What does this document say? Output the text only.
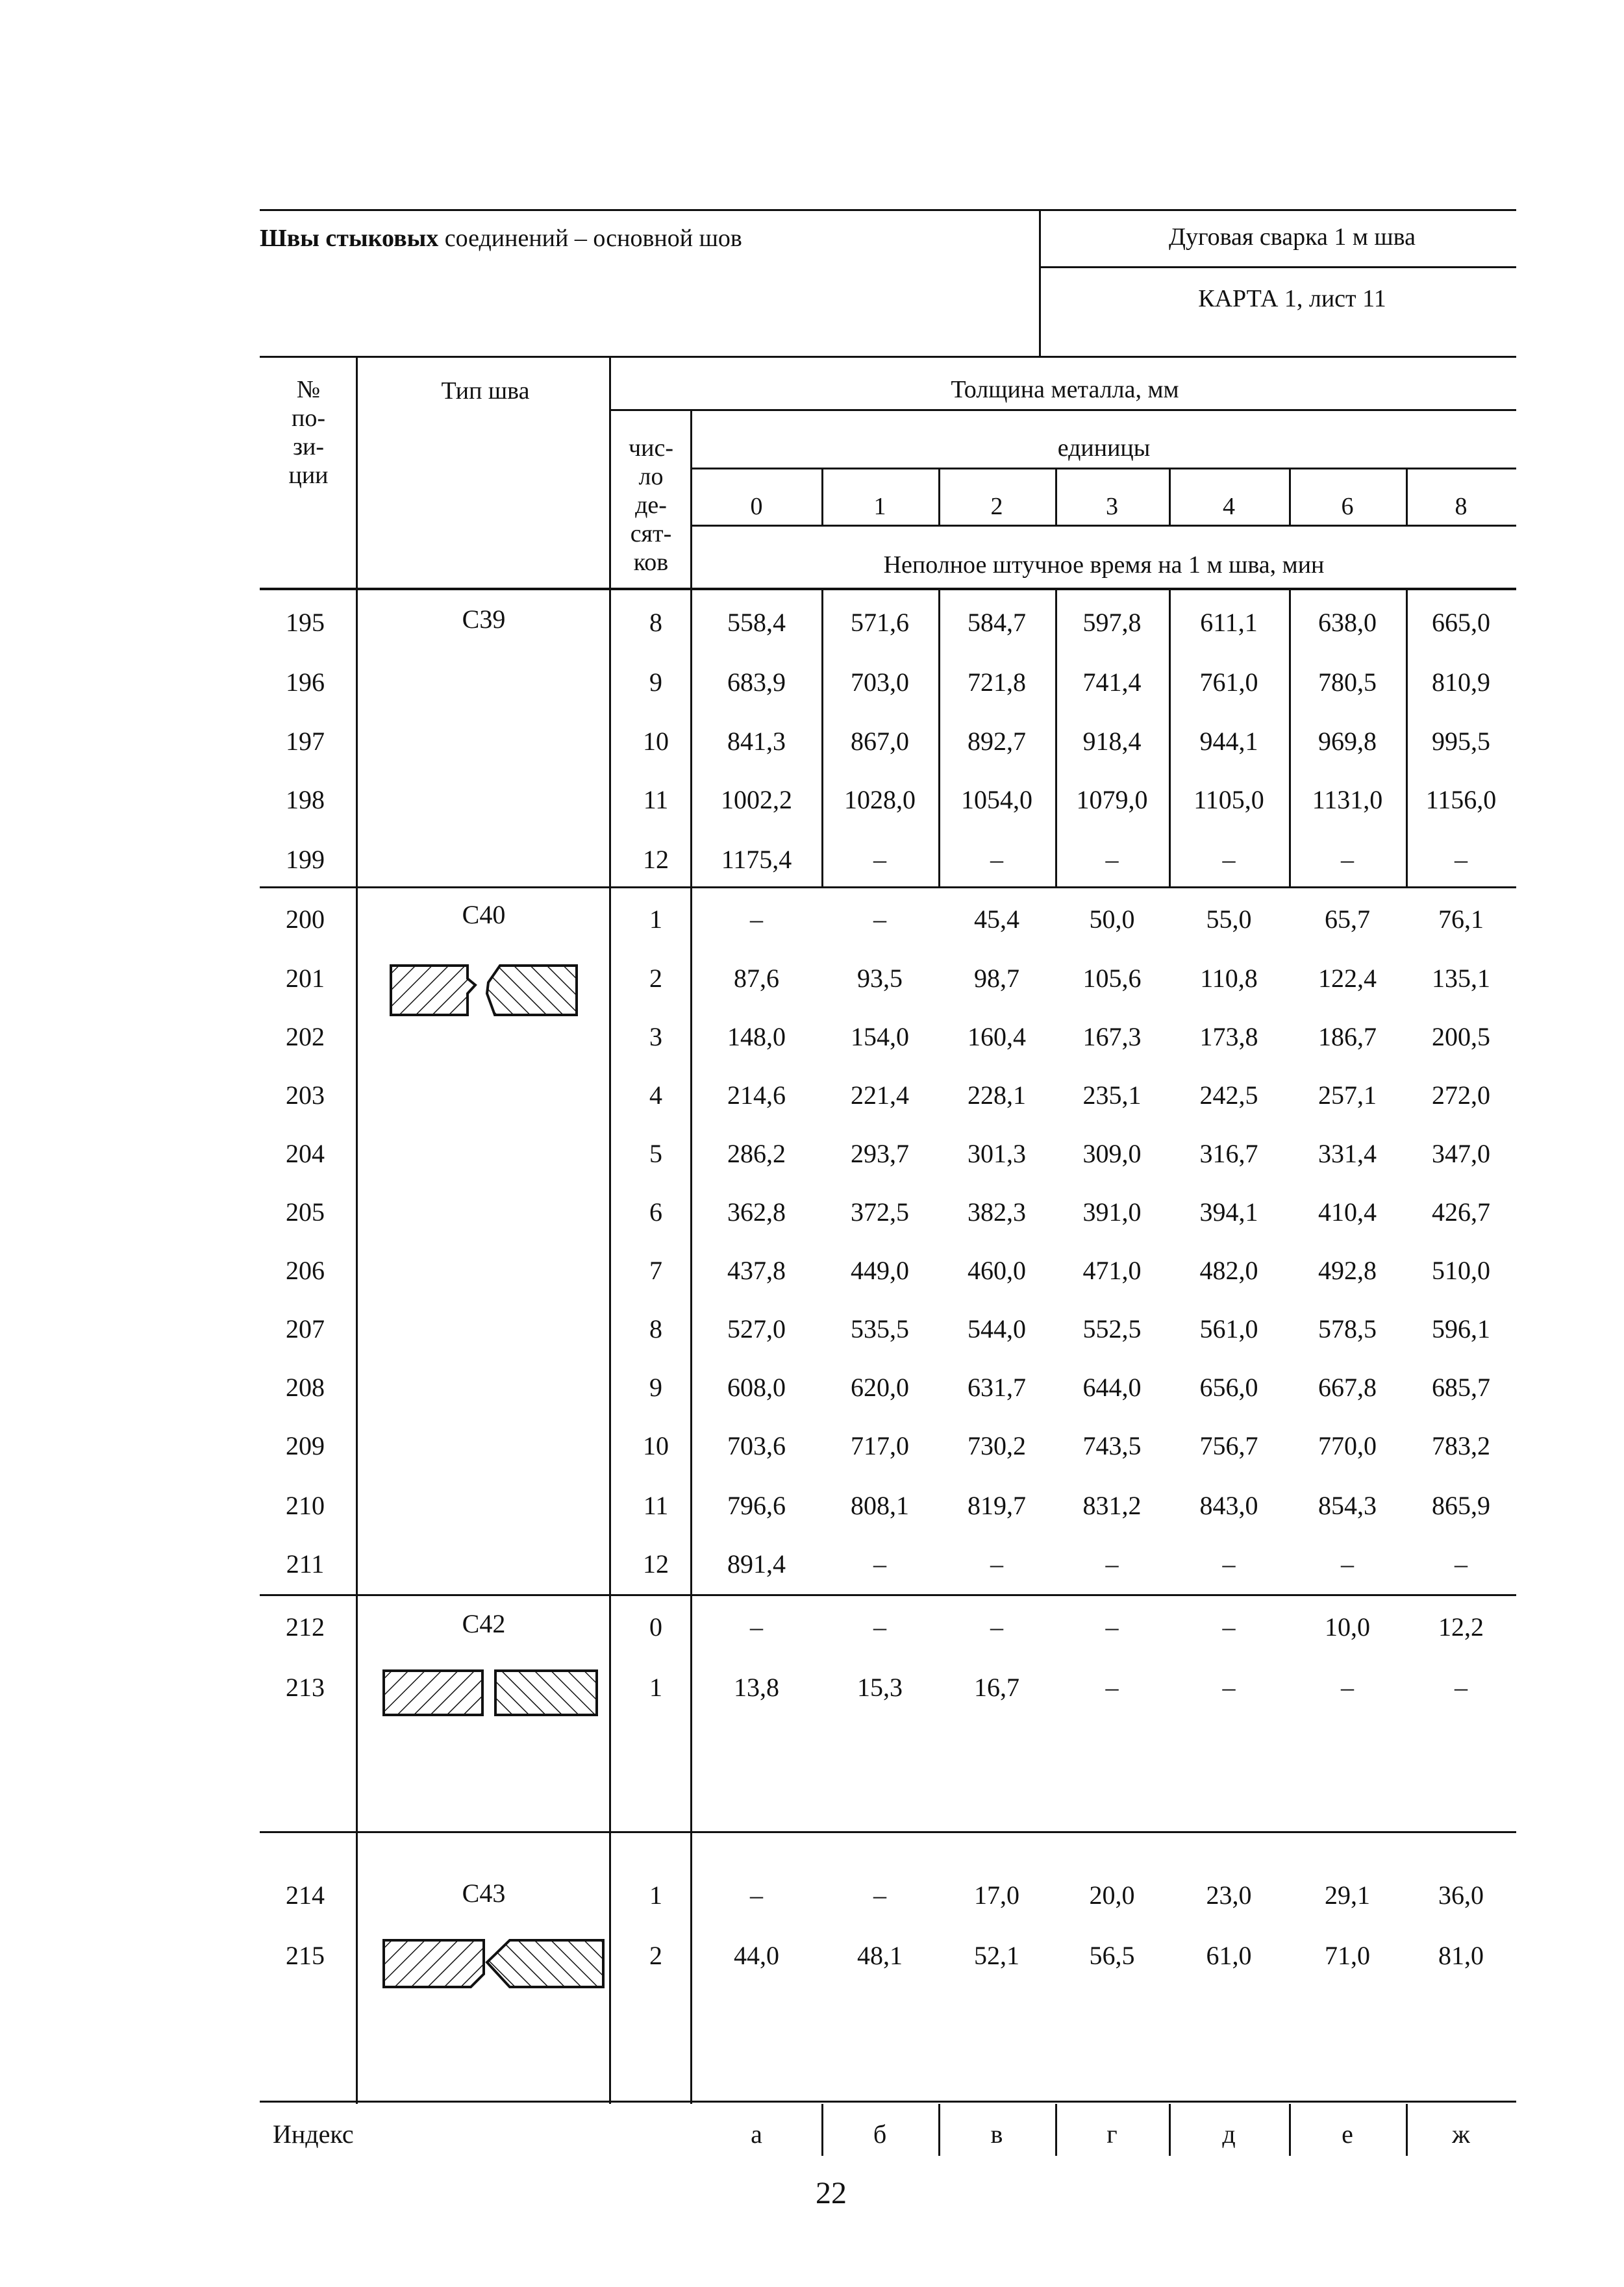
Швы стыковых соединений – основной шов	Дуговая сварка 1 м шва
КАРТА 1, лист 11
№
по-
зи-
ции
Тип шва	Толщина металла, мм
чис-
ло
де-
сят-
ков
единицы
Неполное штучное время на 1 м шва, мин
0	1	2	3	4	6	8
С39
195	8	558,4	571,6	584,7	597,8	611,1	638,0	665,0
196	9	683,9	703,0	721,8	741,4	761,0	780,5	810,9
197	10	841,3	867,0	892,7	918,4	944,1	969,8	995,5
198	11	1002,2	1028,0	1054,0	1079,0	1105,0	1131,0	1156,0
199	12	1175,4	–	–	–	–	–	–
С40
200	1	–	–	45,4	50,0	55,0	65,7	76,1
201	2	87,6	93,5	98,7	105,6	110,8	122,4	135,1
202	3	148,0	154,0	160,4	167,3	173,8	186,7	200,5
203	4	214,6	221,4	228,1	235,1	242,5	257,1	272,0
204	5	286,2	293,7	301,3	309,0	316,7	331,4	347,0
205	6	362,8	372,5	382,3	391,0	394,1	410,4	426,7
206	7	437,8	449,0	460,0	471,0	482,0	492,8	510,0
207	8	527,0	535,5	544,0	552,5	561,0	578,5	596,1
208	9	608,0	620,0	631,7	644,0	656,0	667,8	685,7
209	10	703,6	717,0	730,2	743,5	756,7	770,0	783,2
210	11	796,6	808,1	819,7	831,2	843,0	854,3	865,9
211	12	891,4	–	–	–	–	–	–
С42
212	0	–	–	–	–	–	10,0	12,2
213	1	13,8	15,3	16,7	–	–	–	–
С43
214	1	–	–	17,0	20,0	23,0	29,1	36,0
215	2	44,0	48,1	52,1	56,5	61,0	71,0	81,0
Индекс	а	б	в	г	д	е	ж
22
